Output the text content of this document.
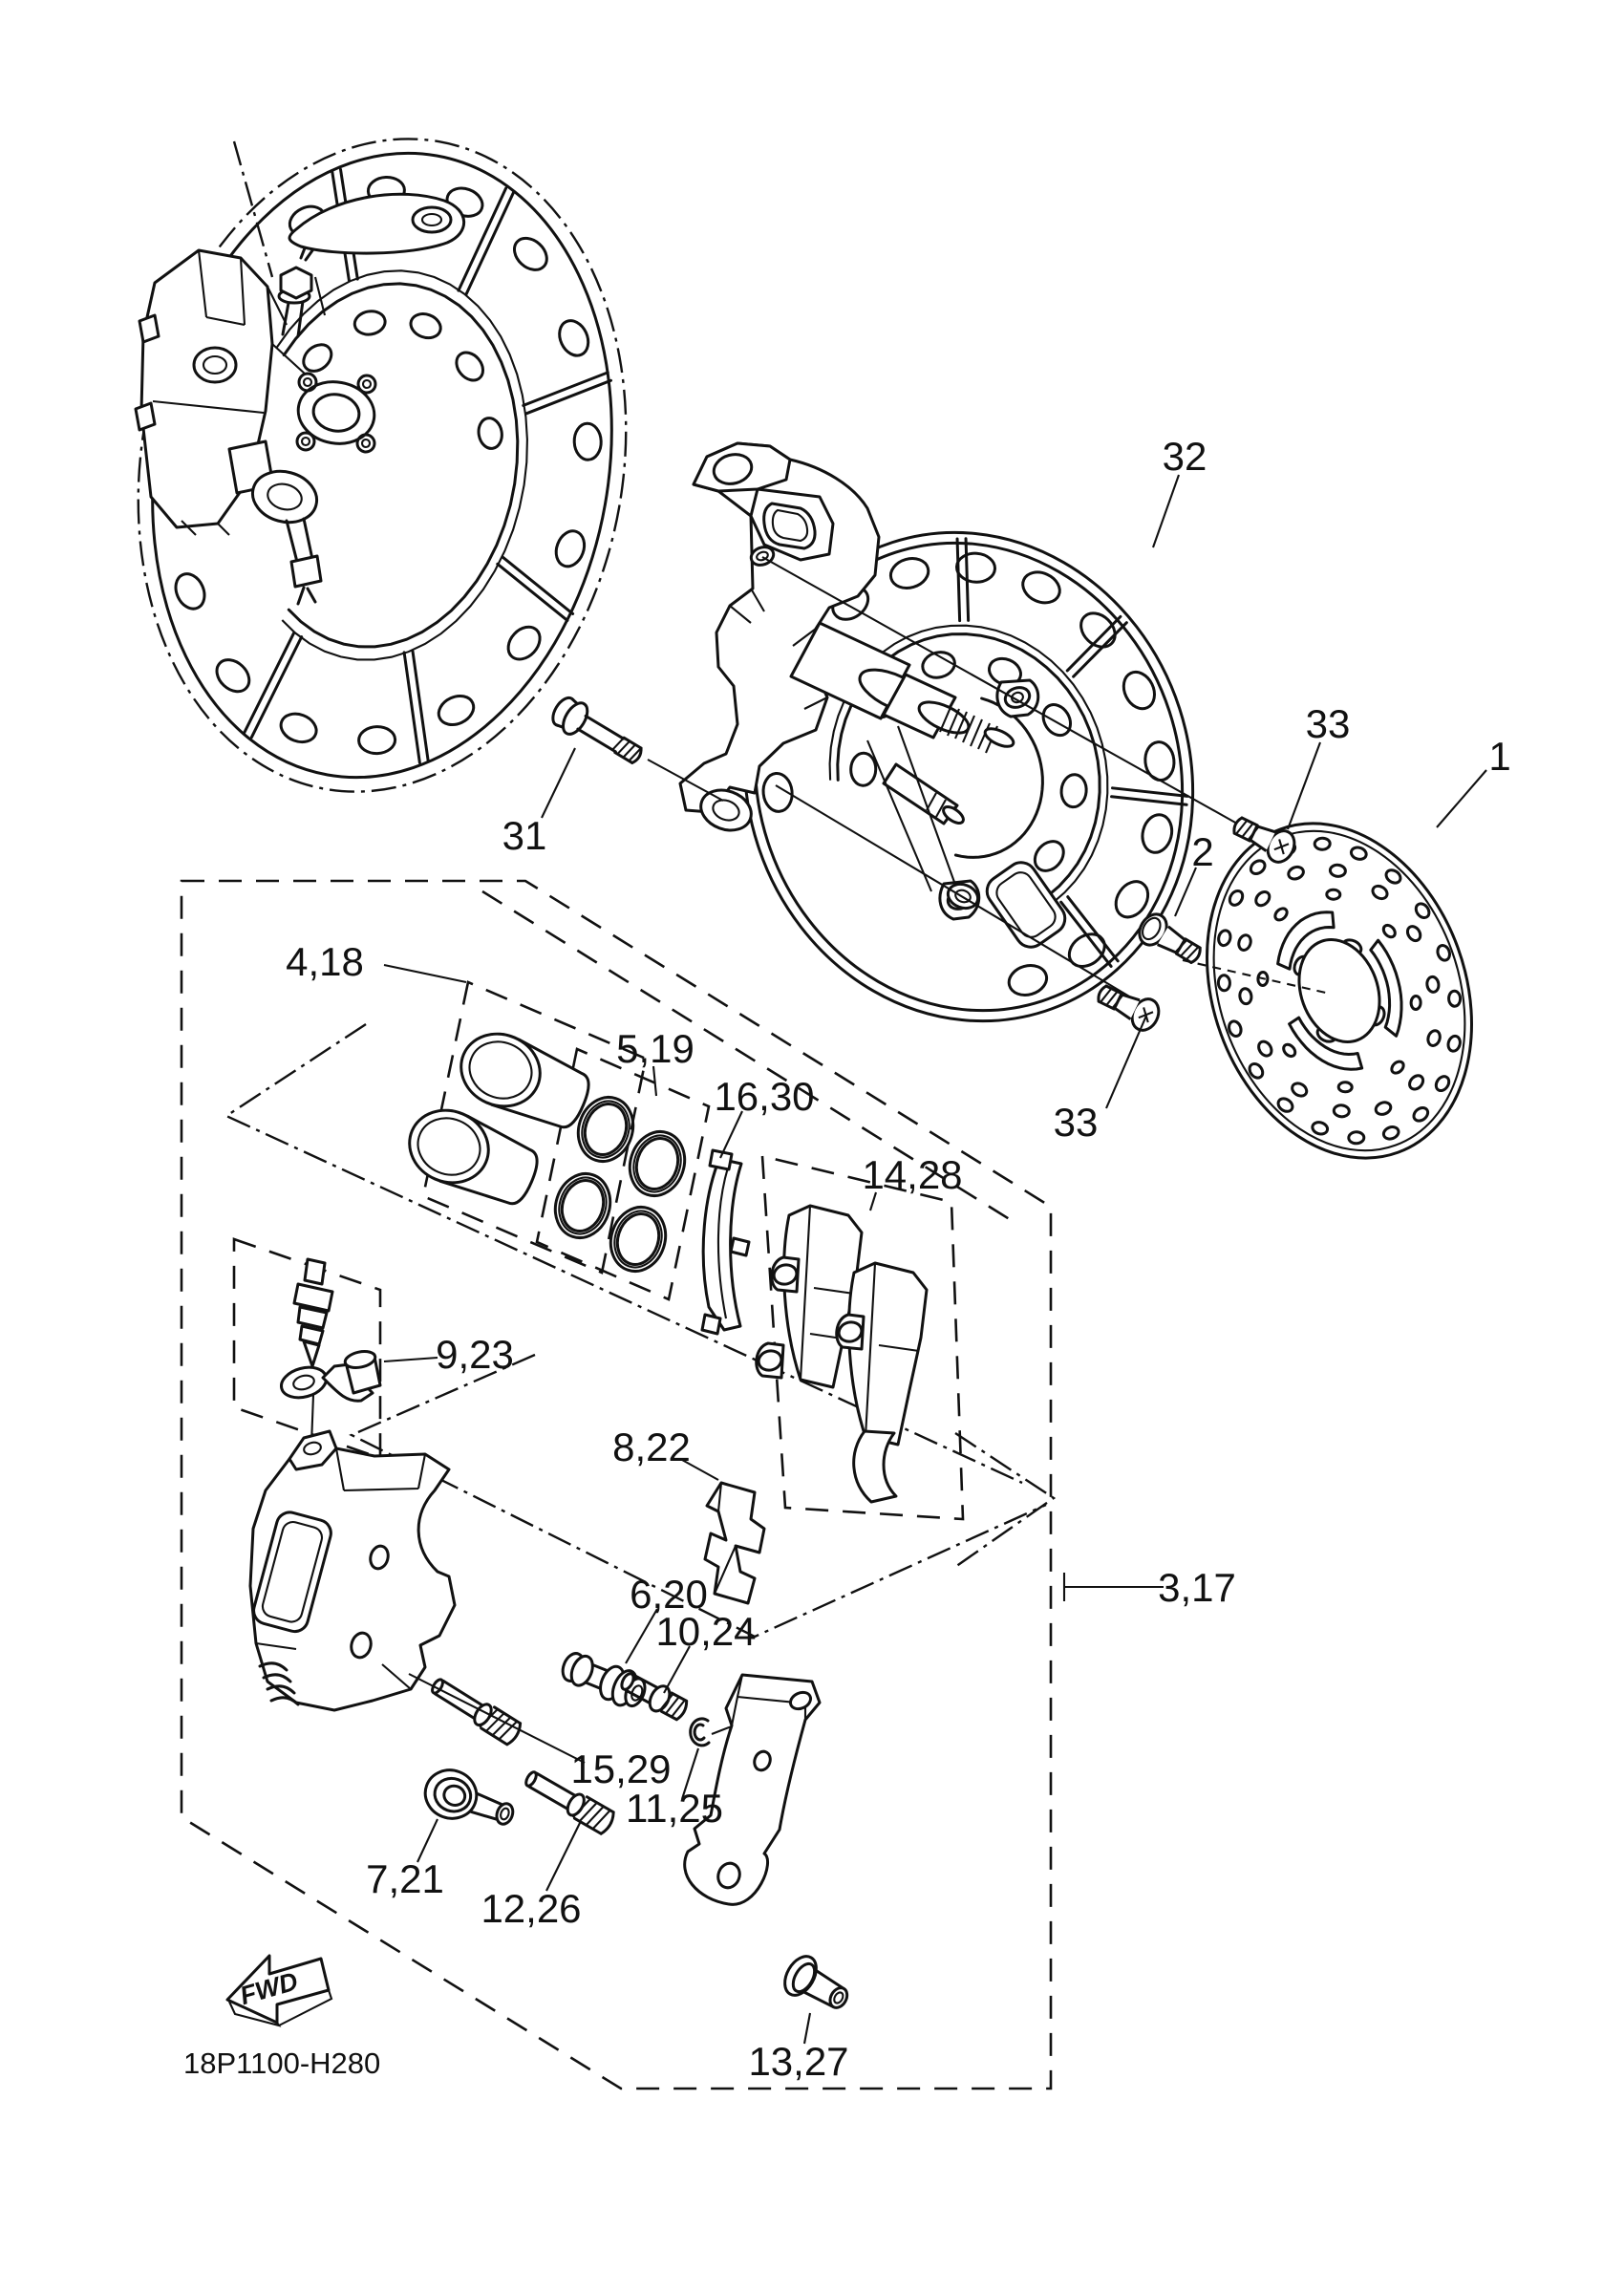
FWD
18P1100-H280
1
2
31
32
33
33
4,18
5,19
16,30
14,28
9,23
8,22
6,20
10,24
15,29
11,25
7,21
12,26
13,27
3,17
